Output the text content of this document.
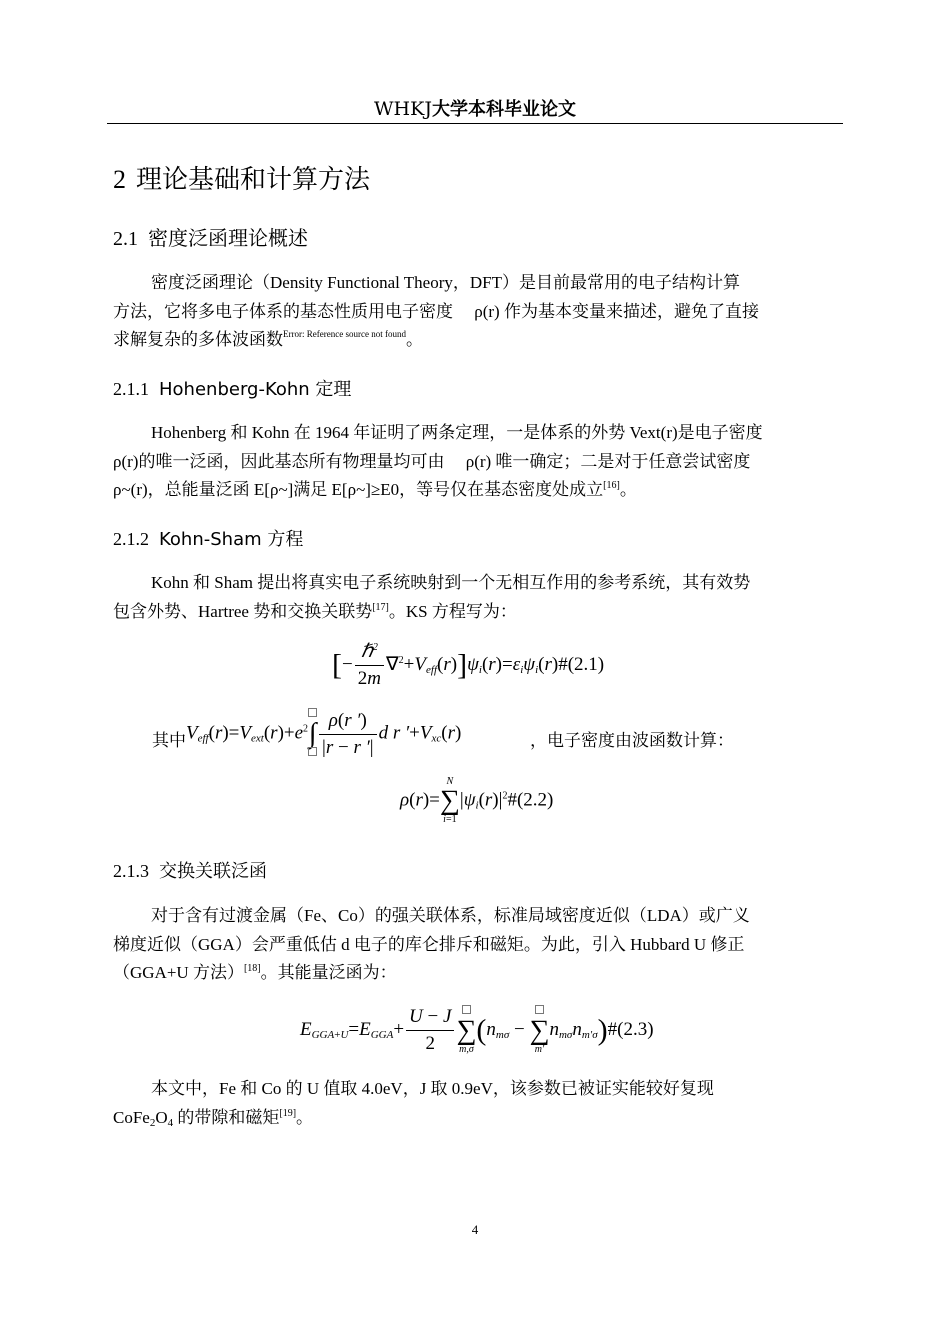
WHKJ大学本科毕业论文
2 理论基础和计算方法
2.1 密度泛函理论概述
密度泛函理论（Density Functional Theory，DFT）是目前最常用的电子结构计算
方法，它将多电子体系的基态性质用电子密度　 ρ(r) 作为基本变量来描述，避免了直接
求解复杂的多体波函数$^{Error: Reference source not found}$。
2.1.1 Hohenberg-Kohn 定理
Hohenberg 和 Kohn 在 1964 年证明了两条定理，一是体系的外势 Vext(r)是电子密度
ρ(r)的唯一泛函，因此基态所有物理量均可由　 ρ(r) 唯一确定；二是对于任意尝试密度
ρ~(r)，总能量泛函 E[ρ~]满足 E[ρ~]≥E0，等号仅在基态密度处成立[16]。
2.1.2 Kohn-Sham 方程
Kohn 和 Sham 提出将真实电子系统映射到一个无相互作用的参考系统，其有效势
包含外势、Hartree 势和交换关联势[17]。KS 方程写为：
[− $\frac{\hbar^2}{2m}$ $\nabla^2+V_{eff}(r)]\psi_i(r)=\varepsilon_i\psi_i(r)\#(2.1)$
其中 $V_{eff}(r)=V_{ext}(r)+e^2$ ∫ $\frac{\rho(r ')}{|r - r '|}$ d r $'+V_{xc}(r)$	，电子密度由波函数计算：
ρ(r)=
N
∑
i=1
$|\psi_i(r)|^2\#(2.2)$
2.1.3 交换关联泛函
对于含有过渡金属（Fe、Co）的强关联体系，标准局域密度近似（LDA）或广义
梯度近似（GGA）会严重低估 d 电子的库仑排斥和磁矩。为此，引入 Hubbard U 修正
（GGA+U 方法）[18]。其能量泛函为：
$E_{GGA+U}=E_{GGA}+ \frac{U - J}{2}$ ∑
m,σ
($n_{m\sigma}$ − ∑
m′
$n_{m\sigma}n_{m'\sigma})\#(2.3)$
本文中，Fe 和 Co 的 U 值取 4.0eV，J 取 0.9eV，该参数已被证实能较好复现
$CoFe_2O_4$ 的带隙和磁矩[19]。
4
